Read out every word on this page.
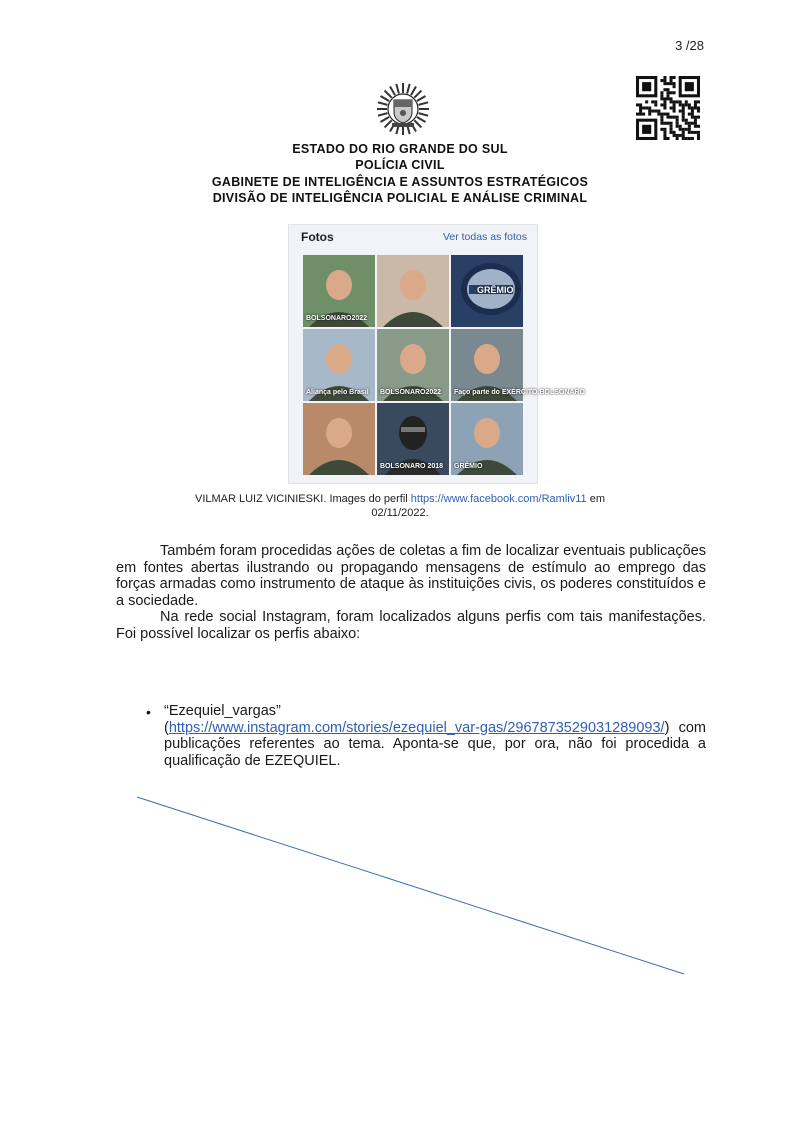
3 /28
ESTADO DO RIO GRANDE DO SUL
POLÍCIA CIVIL
GABINETE DE INTELIGÊNCIA E ASSUNTOS ESTRATÉGICOS
DIVISÃO DE INTELIGÊNCIA POLICIAL E ANÁLISE CRIMINAL
Fotos	Ver todas as fotos
BOLSONARO2022
GRÊMIO
Aliança pelo Brasil BOLSONARO2022 Faço parte do EXÉRCITO BOLSONARO
BOLSONARO 2018 GRÊMIO
VILMAR LUIZ VICINIESKI. Images do perfil https://www.facebook.com/Ramliv11 em
02/11/2022.
Também foram procedidas ações de coletas a fim de localizar eventuais publicações em fontes abertas ilustrando ou propagando mensagens de estímulo ao emprego das forças armadas como instrumento de ataque às instituições civis, os poderes constituídos e a sociedade.
Na rede social Instagram, foram localizados alguns perfis com tais manifestações. Foi possível localizar os perfis abaixo:
• “Ezequiel_vargas”
(https://www.instagram.com/stories/ezequiel_var-gas/2967873529031289093/) com publicações referentes ao tema. Aponta-se que, por ora, não foi procedida a qualificação de EZEQUIEL.
